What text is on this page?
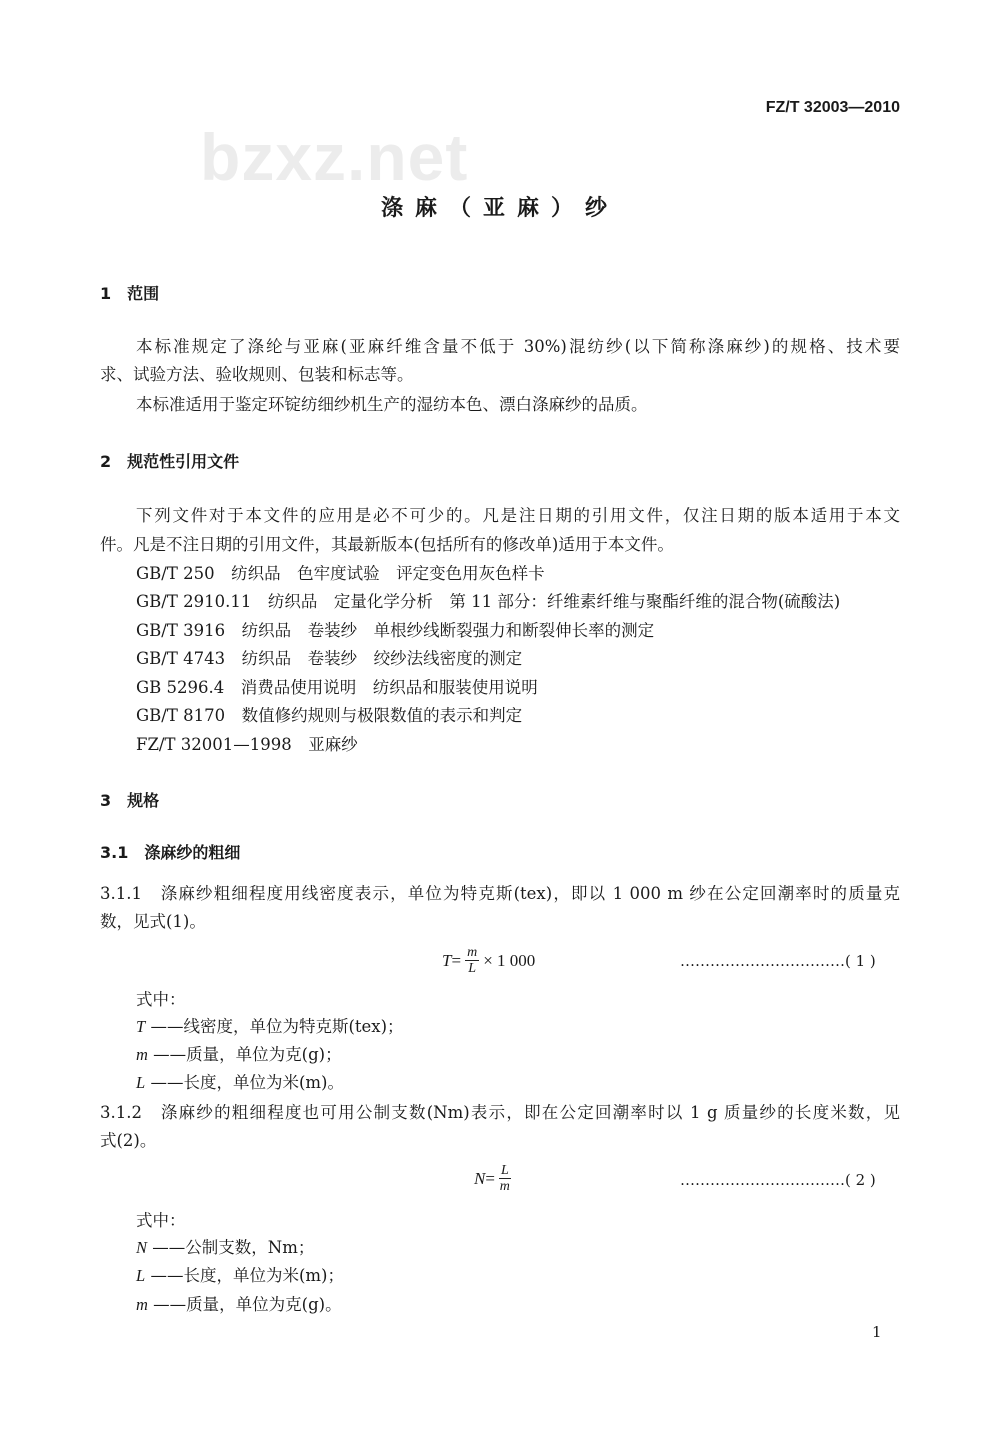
FZ/T 32003—2010
bzxz.net
涤麻（亚麻）纱
1　范围
本标准规定了涤纶与亚麻(亚麻纤维含量不低于 30%)混纺纱(以下简称涤麻纱)的规格、技术要
求、试验方法、验收规则、包装和标志等。
本标准适用于鉴定环锭纺细纱机生产的湿纺本色、漂白涤麻纱的品质。
2　规范性引用文件
下列文件对于本文件的应用是必不可少的。凡是注日期的引用文件，仅注日期的版本适用于本文
件。凡是不注日期的引用文件，其最新版本(包括所有的修改单)适用于本文件。
GB/T 250　纺织品　色牢度试验　评定变色用灰色样卡
GB/T 2910.11　纺织品　定量化学分析　第 11 部分：纤维素纤维与聚酯纤维的混合物(硫酸法)
GB/T 3916　纺织品　卷装纱　单根纱线断裂强力和断裂伸长率的测定
GB/T 4743　纺织品　卷装纱　绞纱法线密度的测定
GB 5296.4　消费品使用说明　纺织品和服装使用说明
GB/T 8170　数值修约规则与极限数值的表示和判定
FZ/T 32001—1998　亚麻纱
3　规格
3.1　涤麻纱的粗细
3.1.1　涤麻纱粗细程度用线密度表示，单位为特克斯(tex)，即以 1 000 m 纱在公定回潮率时的质量克
数，见式(1)。
$T = \frac{m}{L} \times 1$ 000	……………………………( 1 )
式中：
T ——线密度，单位为特克斯(tex)；
m ——质量，单位为克(g)；
L ——长度，单位为米(m)。
3.1.2　涤麻纱的粗细程度也可用公制支数(Nm)表示，即在公定回潮率时以 1 g 质量纱的长度米数，见
式(2)。
$N = \frac{L}{m}$	……………………………( 2 )
式中：
N ——公制支数，Nm；
L ——长度，单位为米(m)；
m ——质量，单位为克(g)。
1
